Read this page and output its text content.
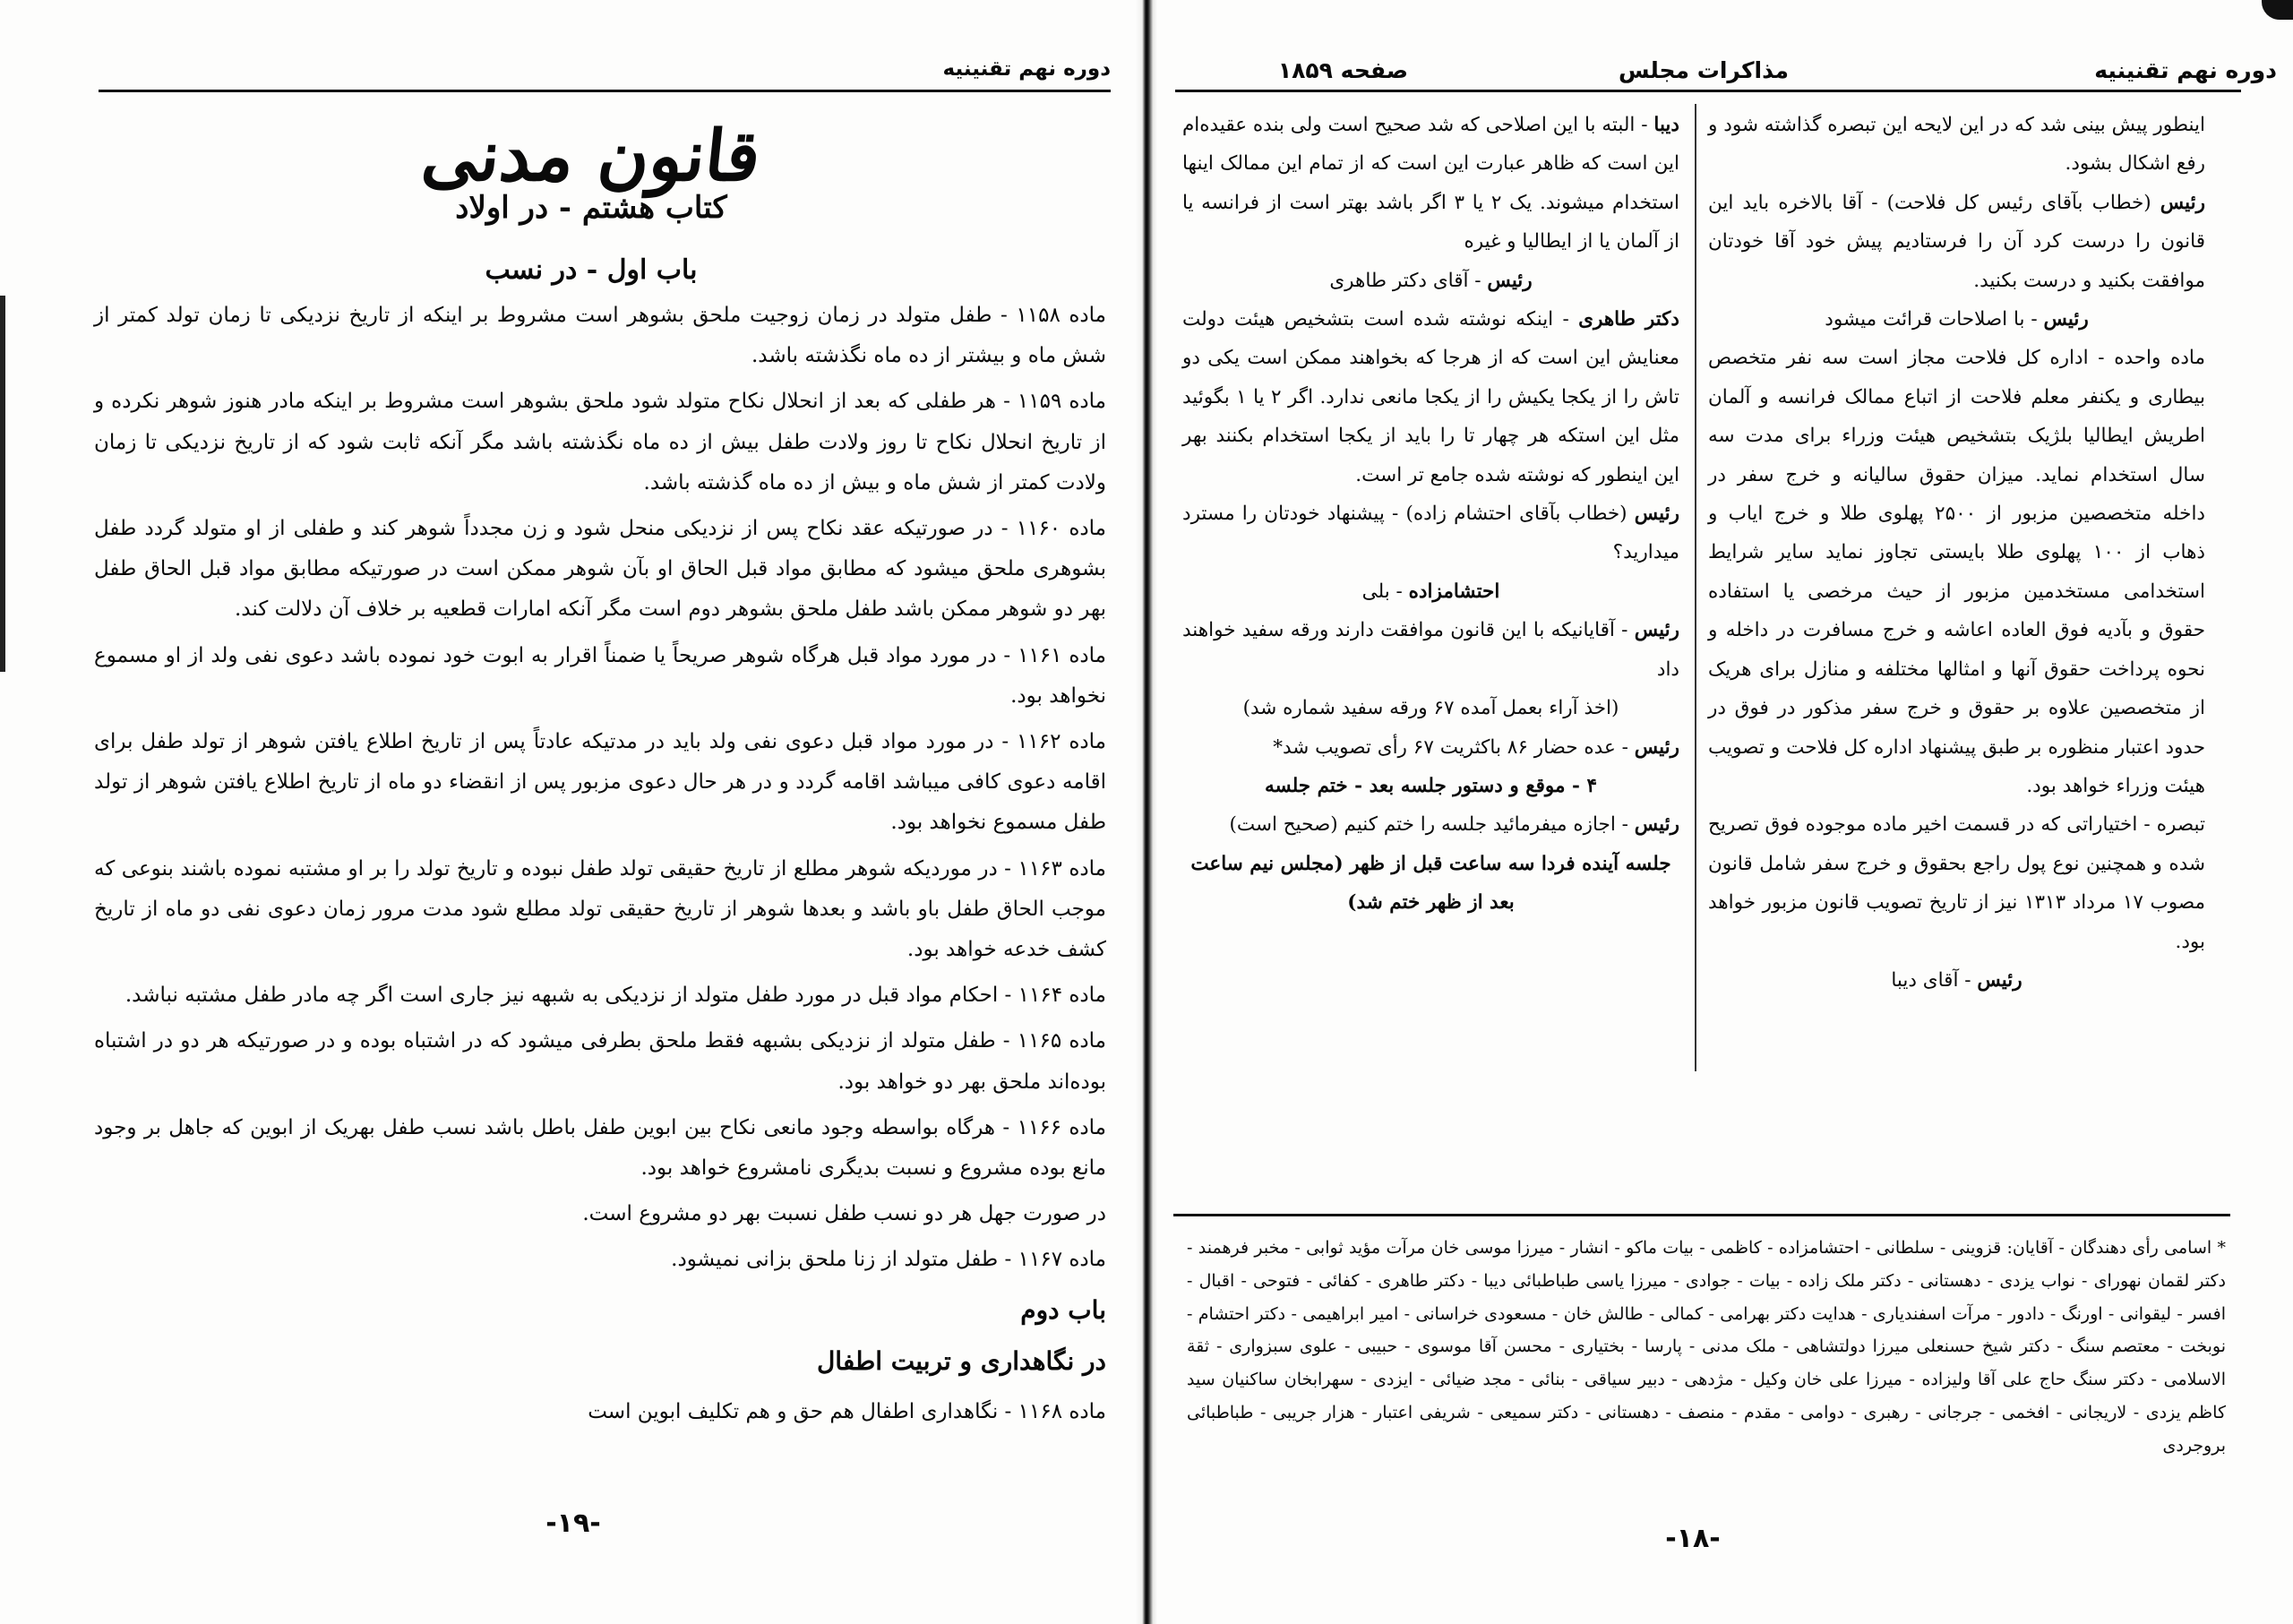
دوره نهم تقنینیه
قانون مدنی
کتاب هشتم - در اولاد
باب اول - در نسب

ماده ۱۱۵۸ - طفل متولد در زمان زوجیت ملحق بشوهر است مشروط بر اینکه از تاریخ نزدیکی تا زمان تولد کمتر از شش ماه و بیشتر از ده ماه نگذشته باشد.

ماده ۱۱۵۹ - هر طفلی که بعد از انحلال نکاح متولد شود ملحق بشوهر است مشروط بر اینکه مادر هنوز شوهر نکرده و از تاریخ انحلال نکاح تا روز ولادت طفل بیش از ده ماه نگذشته باشد مگر آنکه ثابت شود که از تاریخ نزدیکی تا زمان ولادت کمتر از شش ماه و بیش از ده ماه گذشته باشد.

ماده ۱۱۶۰ - در صورتیکه عقد نکاح پس از نزدیکی منحل شود و زن مجدداً شوهر کند و طفلی از او متولد گردد طفل بشوهری ملحق میشود که مطابق مواد قبل الحاق او بآن شوهر ممکن است در صورتیکه مطابق مواد قبل الحاق طفل بهر دو شوهر ممکن باشد طفل ملحق بشوهر دوم است مگر آنکه امارات قطعیه بر خلاف آن دلالت کند.

ماده ۱۱۶۱ - در مورد مواد قبل هرگاه شوهر صریحاً یا ضمناً اقرار به ابوت خود نموده باشد دعوی نفی ولد از او مسموع نخواهد بود.

ماده ۱۱۶۲ - در مورد مواد قبل دعوی نفی ولد باید در مدتیکه عادتاً پس از تاریخ اطلاع یافتن شوهر از تولد طفل برای اقامه دعوی کافی میباشد اقامه گردد و در هر حال دعوی مزبور پس از انقضاء دو ماه از تاریخ اطلاع یافتن شوهر از تولد طفل مسموع نخواهد بود.

ماده ۱۱۶۳ - در موردیکه شوهر مطلع از تاریخ حقیقی تولد طفل نبوده و تاریخ تولد را بر او مشتبه نموده باشند بنوعی که موجب الحاق طفل باو باشد و بعدها شوهر از تاریخ حقیقی تولد مطلع شود مدت مرور زمان دعوی نفی دو ماه از تاریخ کشف خدعه خواهد بود.

ماده ۱۱۶۴ - احکام مواد قبل در مورد طفل متولد از نزدیکی به شبهه نیز جاری است اگر چه مادر طفل مشتبه نباشد.

ماده ۱۱۶۵ - طفل متولد از نزدیکی بشبهه فقط ملحق بطرفی میشود که در اشتباه بوده و در صورتیکه هر دو در اشتباه بوده‌اند ملحق بهر دو خواهد بود.

ماده ۱۱۶۶ - هرگاه بواسطه وجود مانعی نکاح بین ابوین طفل باطل باشد نسب طفل بهریک از ابوین که جاهل بر وجود مانع بوده مشروع و نسبت بدیگری نامشروع خواهد بود.

در صورت جهل هر دو نسب طفل نسبت بهر دو مشروع است.

ماده ۱۱۶۷ - طفل متولد از زنا ملحق بزانی نمیشود.

باب دوم

در نگاهداری و تربیت اطفال

ماده ۱۱۶۸ - نگاهداری اطفال هم حق و هم تکلیف ابوین است

-۱۹-
دوره نهم تقنینیه
مذاکرات مجلس
صفحه ۱۸۵۹

اینطور پیش بینی شد که در این لایحه این تبصره گذاشته شود و رفع اشکال بشود.

رئیس (خطاب بآقای رئیس کل فلاحت) - آقا بالاخره باید این قانون را درست کرد آن را فرستادیم پیش خود آقا خودتان موافقت بکنید و درست بکنید.

رئیس - با اصلاحات قرائت میشود

ماده واحده - اداره کل فلاحت مجاز است سه نفر متخصص بیطاری و یکنفر معلم فلاحت از اتباع ممالک فرانسه و آلمان اطریش ایطالیا بلژیک بتشخیص هیئت وزراء برای مدت سه سال استخدام نماید. میزان حقوق سالیانه و خرج سفر در داخله متخصصین مزبور از ۲۵۰۰ پهلوی طلا و خرج ایاب و ذهاب از ۱۰۰ پهلوی طلا بایستی تجاوز نماید سایر شرایط استخدامی مستخدمین مزبور از حیث مرخصی یا استفاده حقوق و بآدیه فوق العاده اعاشه و خرج مسافرت در داخله و نحوه پرداخت حقوق آنها و امثالها مختلفه و منازل برای هریک از متخصصین علاوه بر حقوق و خرج سفر مذکور در فوق در حدود اعتبار منظوره بر طبق پیشنهاد اداره کل فلاحت و تصویب هیئت وزراء خواهد بود.

تبصره - اختیاراتی که در قسمت اخیر ماده موجوده فوق تصریح شده و همچنین نوع پول راجع بحقوق و خرج سفر شامل قانون مصوب ۱۷ مرداد ۱۳۱۳ نیز از تاریخ تصویب قانون مزبور خواهد بود.

رئیس - آقای دیبا

دیبا - البته با این اصلاحی که شد صحیح است ولی بنده عقیده‌ام این است که ظاهر عبارت این است که از تمام این ممالک اینها استخدام میشوند. یک ۲ یا ۳ اگر باشد بهتر است از فرانسه یا از آلمان یا از ایطالیا و غیره

رئیس - آقای دکتر طاهری

دکتر طاهری - اینکه نوشته شده است بتشخیص هیئت دولت معنایش این است که از هرجا که بخواهند ممکن است یکی دو تاش را از یکجا یکیش را از یکجا مانعی ندارد. اگر ۲ یا ۱ بگوئید مثل این استکه هر چهار تا را باید از یکجا استخدام بکنند بهر این اینطور که نوشته شده جامع تر است.

رئیس (خطاب بآقای احتشام زاده) - پیشنهاد خودتان را مسترد میدارید؟

احتشامزاده - بلی

رئیس - آقایانیکه با این قانون موافقت دارند ورقه سفید خواهند داد

(اخذ آراء بعمل آمده ۶۷ ورقه سفید شماره شد)

رئیس - عده حضار ۸۶ باکثریت ۶۷ رأی تصویب شد*

۴ - موقع و دستور جلسه بعد - ختم جلسه

رئیس - اجازه میفرمائید جلسه را ختم کنیم (صحیح است)

جلسه آینده فردا سه ساعت قبل از ظهر (مجلس نیم ساعت بعد از ظهر ختم شد)

* اسامی رأی دهندگان - آقایان: قزوینی - سلطانی - احتشامزاده - کاظمی - بیات ماکو - انشار - میرزا موسی خان مرآت مؤید ثوابی - مخبر فرهمند - دکتر لقمان نهورای - نواب یزدی - دهستانی - دکتر ملک زاده - بیات - جوادی - میرزا یاسی طباطبائی دیبا - دکتر طاهری - کفائی - فتوحی - اقبال - افسر - لیقوانی - اورنگ - دادور - مرآت اسفندیاری - هدایت دکتر بهرامی - کمالی - طالش خان - مسعودی خراسانی - امیر ابراهیمی - دکتر احتشام - نوبخت - معتصم سنگ - دکتر شیخ حسنعلی میرزا دولتشاهی - ملک مدنی - پارسا - بختیاری - محسن آقا موسوی - حبیبی - علوی سبزواری - ثقة الاسلامی - دکتر سنگ حاج علی آقا ولیزاده - میرزا علی خان وکیل - مژدهی - دبیر سیاقی - بنائی - مجد ضیائی - ایزدی - سهرابخان ساکنیان سید کاظم یزدی - لاریجانی - افخمی - جرجانی - رهبری - دوامی - مقدم - منصف - دهستانی - دکتر سمیعی - شریفی اعتبار - هزار جریبی - طباطبائی بروجردی
-۱۸-
